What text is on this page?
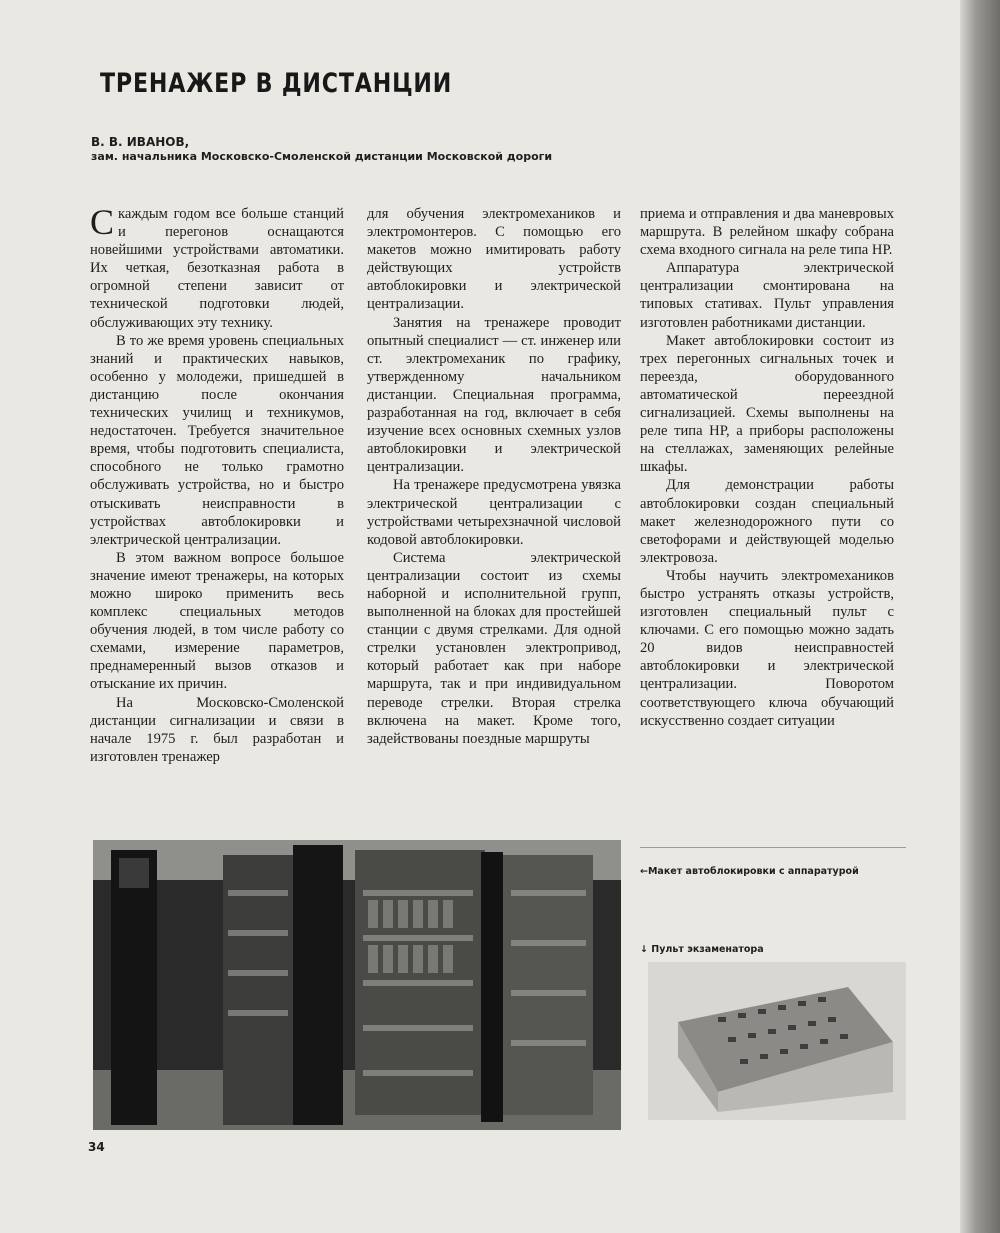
ТРЕНАЖЕР В ДИСТАНЦИИ
В. В. ИВАНОВ,
зам. начальника Московско-Смоленской дистанции Московской дороги

Скаждым годом все больше станций и перегонов оснащаются новейшими устройствами автоматики. Их четкая, безотказная работа в огромной степени зависит от технической подготовки людей, обслуживающих эту технику.

В то же время уровень специальных знаний и практических навыков, особенно у молодежи, пришедшей в дистанцию после окончания технических училищ и техникумов, недостаточен. Требуется значительное время, чтобы подготовить специалиста, способного не только грамотно обслуживать устройства, но и быстро отыскивать неисправности в устройствах автоблокировки и электрической централизации.

В этом важном вопросе большое значение имеют тренажеры, на которых можно широко применить весь комплекс специальных методов обучения людей, в том числе работу со схемами, измерение параметров, преднамеренный вызов отказов и отыскание их причин.

На Московско-Смоленской дистанции сигнализации и связи в начале 1975 г. был разработан и изготовлен тренажер

для обучения электромехаников и электромонтеров. С помощью его макетов можно имитировать работу действующих устройств автоблокировки и электрической централизации.

Занятия на тренажере проводит опытный специалист — ст. инженер или ст. электромеханик по графику, утвержденному начальником дистанции. Специальная программа, разработанная на год, включает в себя изучение всех основных схемных узлов автоблокировки и электрической централизации.

На тренажере предусмотрена увязка электрической централизации с устройствами четырехзначной числовой кодовой автоблокировки.

Система электрической централизации состоит из схемы наборной и исполнительной групп, выполненной на блоках для простейшей станции с двумя стрелками. Для одной стрелки установлен электропривод, который работает как при наборе маршрута, так и при индивидуальном переводе стрелки. Вторая стрелка включена на макет. Кроме того, задействованы поездные маршруты

приема и отправления и два маневровых маршрута. В релейном шкафу собрана схема входного сигнала на реле типа НР.

Аппаратура электрической централизации смонтирована на типовых стативах. Пульт управления изготовлен работниками дистанции.

Макет автоблокировки состоит из трех перегонных сигнальных точек и переезда, оборудованного автоматической переездной сигнализацией. Схемы выполнены на реле типа НР, а приборы расположены на стеллажах, заменяющих релейные шкафы.

Для демонстрации работы автоблокировки создан специальный макет железнодорожного пути со светофорами и действующей моделью электровоза.

Чтобы научить электромехаников быстро устранять отказы устройств, изготовлен специальный пульт с ключами. С его помощью можно задать 20 видов неисправностей автоблокировки и электрической централизации. Поворотом соответствующего ключа обучающий искусственно создает ситуации

←Макет автоблокировки с аппаратурой
↓ Пульт экзаменатора
34
